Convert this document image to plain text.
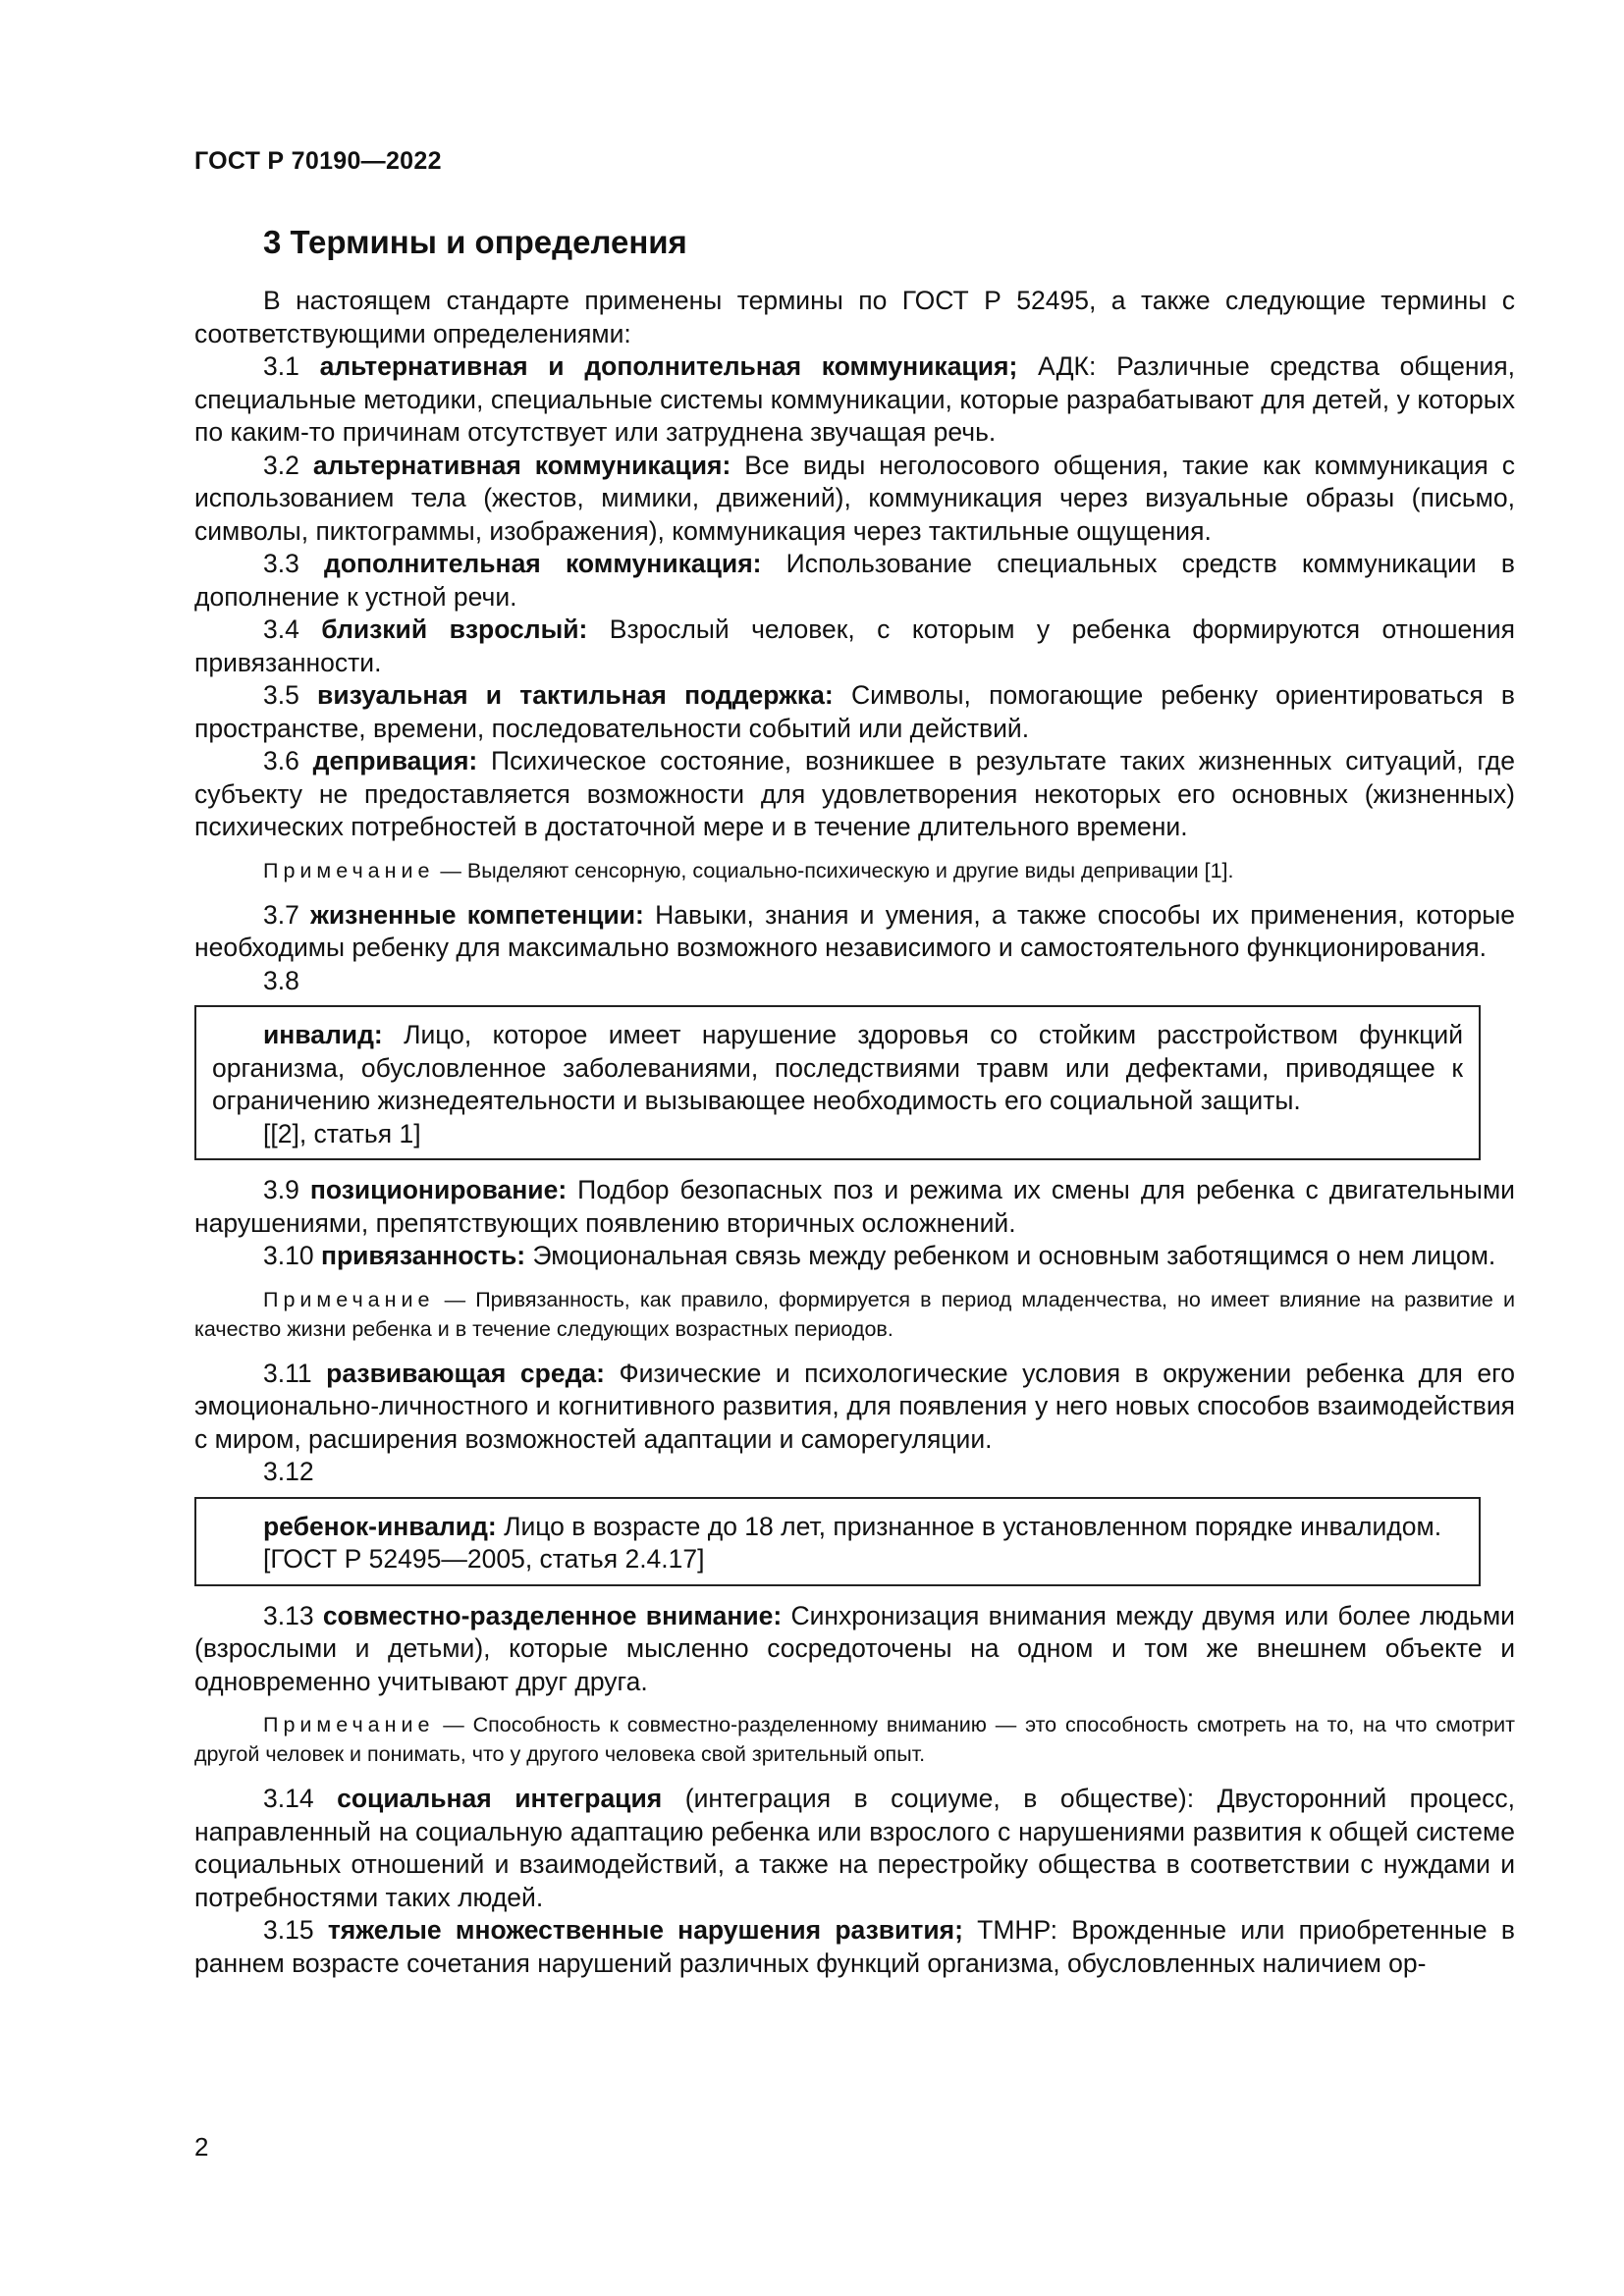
ГОСТ Р 70190—2022
3 Термины и определения

В настоящем стандарте применены термины по ГОСТ Р 52495, а также следующие термины с соответствующими определениями:

3.1 альтернативная и дополнительная коммуникация; АДК: Различные средства общения, специальные методики, специальные системы коммуникации, которые разрабатывают для детей, у которых по каким-то причинам отсутствует или затруднена звучащая речь.

3.2 альтернативная коммуникация: Все виды неголосового общения, такие как коммуникация с использованием тела (жестов, мимики, движений), коммуникация через визуальные образы (письмо, символы, пиктограммы, изображения), коммуникация через тактильные ощущения.

3.3 дополнительная коммуникация: Использование специальных средств коммуникации в дополнение к устной речи.

3.4 близкий взрослый: Взрослый человек, с которым у ребенка формируются отношения привязанности.

3.5 визуальная и тактильная поддержка: Символы, помогающие ребенку ориентироваться в пространстве, времени, последовательности событий или действий.

3.6 депривация: Психическое состояние, возникшее в результате таких жизненных ситуаций, где субъекту не предоставляется возможности для удовлетворения некоторых его основных (жизненных) психических потребностей в достаточной мере и в течение длительного времени.

Примечание — Выделяют сенсорную, социально-психическую и другие виды депривации [1].

3.7 жизненные компетенции: Навыки, знания и умения, а также способы их применения, которые необходимы ребенку для максимально возможного независимого и самостоятельного функционирования.

3.8

инвалид: Лицо, которое имеет нарушение здоровья со стойким расстройством функций организма, обусловленное заболеваниями, последствиями травм или дефектами, приводящее к ограничению жизнедеятельности и вызывающее необходимость его социальной защиты.

[[2], статья 1]

3.9 позиционирование: Подбор безопасных поз и режима их смены для ребенка с двигательными нарушениями, препятствующих появлению вторичных осложнений.

3.10 привязанность: Эмоциональная связь между ребенком и основным заботящимся о нем лицом.

Примечание — Привязанность, как правило, формируется в период младенчества, но имеет влияние на развитие и качество жизни ребенка и в течение следующих возрастных периодов.

3.11 развивающая среда: Физические и психологические условия в окружении ребенка для его эмоционально-личностного и когнитивного развития, для появления у него новых способов взаимодействия с миром, расширения возможностей адаптации и саморегуляции.

3.12

ребенок-инвалид: Лицо в возрасте до 18 лет, признанное в установленном порядке инвалидом.

[ГОСТ Р 52495—2005, статья 2.4.17]

3.13 совместно-разделенное внимание: Синхронизация внимания между двумя или более людьми (взрослыми и детьми), которые мысленно сосредоточены на одном и том же внешнем объекте и одновременно учитывают друг друга.

Примечание — Способность к совместно-разделенному вниманию — это способность смотреть на то, на что смотрит другой человек и понимать, что у другого человека свой зрительный опыт.

3.14 социальная интеграция (интеграция в социуме, в обществе): Двусторонний процесс, направленный на социальную адаптацию ребенка или взрослого с нарушениями развития к общей системе социальных отношений и взаимодействий, а также на перестройку общества в соответствии с нуждами и потребностями таких людей.

3.15 тяжелые множественные нарушения развития; ТМНР: Врожденные или приобретенные в раннем возрасте сочетания нарушений различных функций организма, обусловленных наличием ор-

2
